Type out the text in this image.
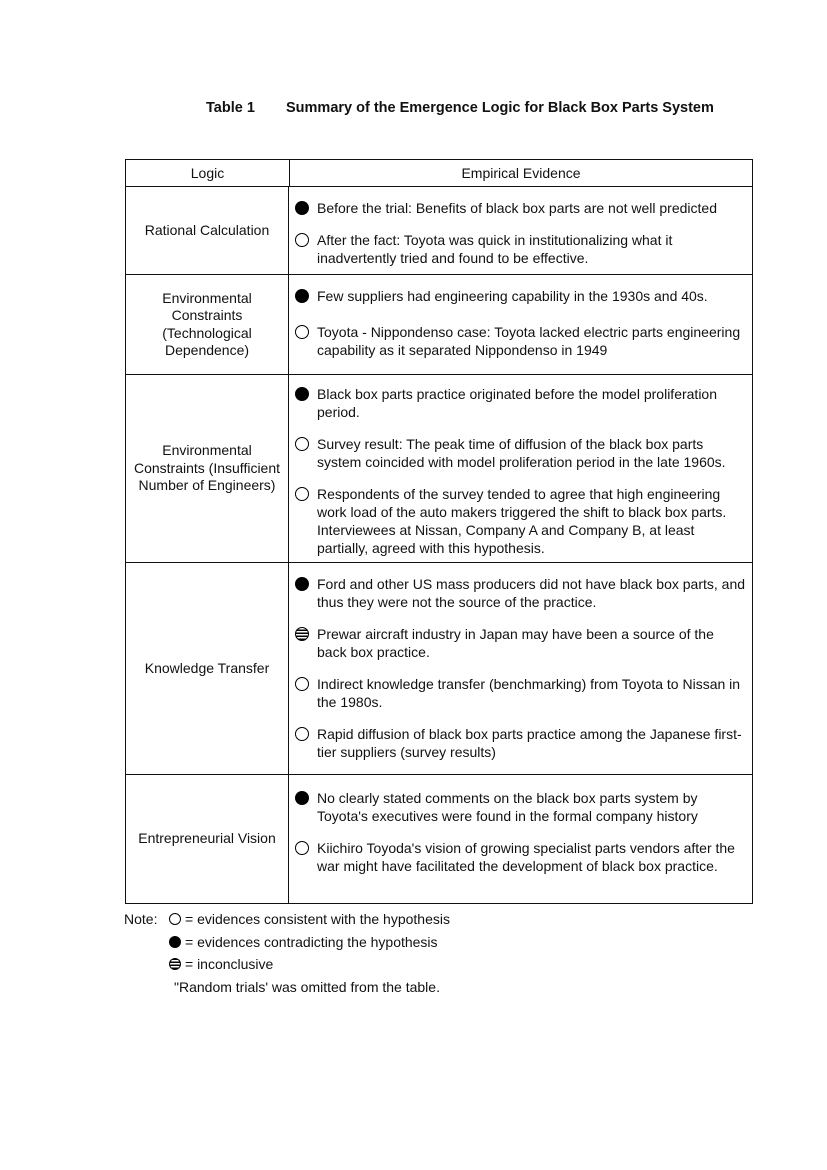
Table 1 Summary of the Emergence Logic for Black Box Parts System
Logic	Empirical Evidence
Rational Calculation
Before the trial: Benefits of black box parts are not well predicted
After the fact: Toyota was quick in institutionalizing what it inadvertently tried and found to be effective.
Environmental Constraints (Technological Dependence)
Few suppliers had engineering capability in the 1930s and 40s.
Toyota - Nippondenso case: Toyota lacked electric parts engineering capability as it separated Nippondenso in 1949
Environmental Constraints (Insufficient Number of Engineers)
Black box parts practice originated before the model proliferation period.
Survey result: The peak time of diffusion of the black box parts system coincided with model proliferation period in the late 1960s.
Respondents of the survey tended to agree that high engineering work load of the auto makers triggered the shift to black box parts. Interviewees at Nissan, Company A and Company B, at least partially, agreed with this hypothesis.
Knowledge Transfer
Ford and other US mass producers did not have black box parts, and thus they were not the source of the practice.
Prewar aircraft industry in Japan may have been a source of the back box practice.
Indirect knowledge transfer (benchmarking) from Toyota to Nissan in the 1980s.
Rapid diffusion of black box parts practice among the Japanese first-tier suppliers (survey results)
Entrepreneurial Vision
No clearly stated comments on the black box parts system by Toyota's executives were found in the formal company history
Kiichiro Toyoda's vision of growing specialist parts vendors after the war might have facilitated the development of black box practice.
Note:	= evidences consistent with the hypothesis
= evidences contradicting the hypothesis
= inconclusive
"Random trials' was omitted from the table.
